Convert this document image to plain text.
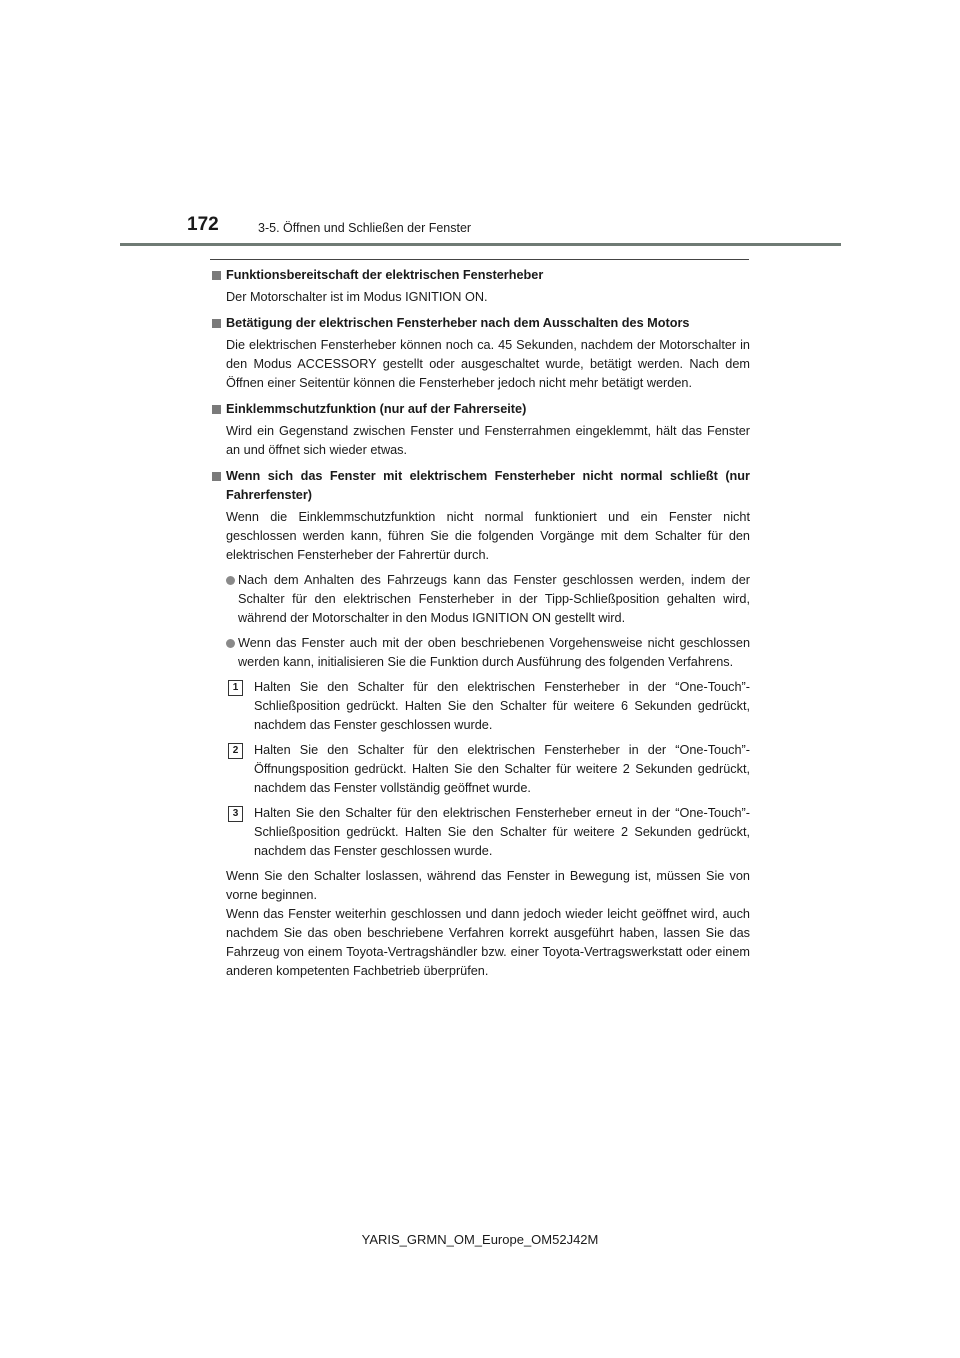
172	3-5. Öffnen und Schließen der Fenster
Funktionsbereitschaft der elektrischen Fensterheber
Der Motorschalter ist im Modus IGNITION ON.
Betätigung der elektrischen Fensterheber nach dem Ausschalten des Motors
Die elektrischen Fensterheber können noch ca. 45 Sekunden, nachdem der Motorschalter in den Modus ACCESSORY gestellt oder ausgeschaltet wurde, betätigt werden. Nach dem Öffnen einer Seitentür können die Fensterheber jedoch nicht mehr betätigt werden.
Einklemmschutzfunktion (nur auf der Fahrerseite)
Wird ein Gegenstand zwischen Fenster und Fensterrahmen eingeklemmt, hält das Fenster an und öffnet sich wieder etwas.
Wenn sich das Fenster mit elektrischem Fensterheber nicht normal schließt (nur Fahrerfenster)
Wenn die Einklemmschutzfunktion nicht normal funktioniert und ein Fenster nicht geschlossen werden kann, führen Sie die folgenden Vorgänge mit dem Schalter für den elektrischen Fensterheber der Fahrertür durch.
Nach dem Anhalten des Fahrzeugs kann das Fenster geschlossen werden, indem der Schalter für den elektrischen Fensterheber in der Tipp-Schließposition gehalten wird, während der Motorschalter in den Modus IGNITION ON gestellt wird.
Wenn das Fenster auch mit der oben beschriebenen Vorgehensweise nicht geschlossen werden kann, initialisieren Sie die Funktion durch Ausführung des folgenden Verfahrens.
1	Halten Sie den Schalter für den elektrischen Fensterheber in der “One-Touch”-Schließposition gedrückt. Halten Sie den Schalter für weitere 6 Sekunden gedrückt, nachdem das Fenster geschlossen wurde.
2	Halten Sie den Schalter für den elektrischen Fensterheber in der “One-Touch”-Öffnungsposition gedrückt. Halten Sie den Schalter für weitere 2 Sekunden gedrückt, nachdem das Fenster vollständig geöffnet wurde.
3	Halten Sie den Schalter für den elektrischen Fensterheber erneut in der “One-Touch”-Schließposition gedrückt. Halten Sie den Schalter für weitere 2 Sekunden gedrückt, nachdem das Fenster geschlossen wurde.
Wenn Sie den Schalter loslassen, während das Fenster in Bewegung ist, müssen Sie von vorne beginnen.
Wenn das Fenster weiterhin geschlossen und dann jedoch wieder leicht geöffnet wird, auch nachdem Sie das oben beschriebene Verfahren korrekt ausgeführt haben, lassen Sie das Fahrzeug von einem Toyota-Vertragshändler bzw. einer Toyota-Vertragswerkstatt oder einem anderen kompetenten Fachbetrieb überprüfen.
YARIS_GRMN_OM_Europe_OM52J42M
